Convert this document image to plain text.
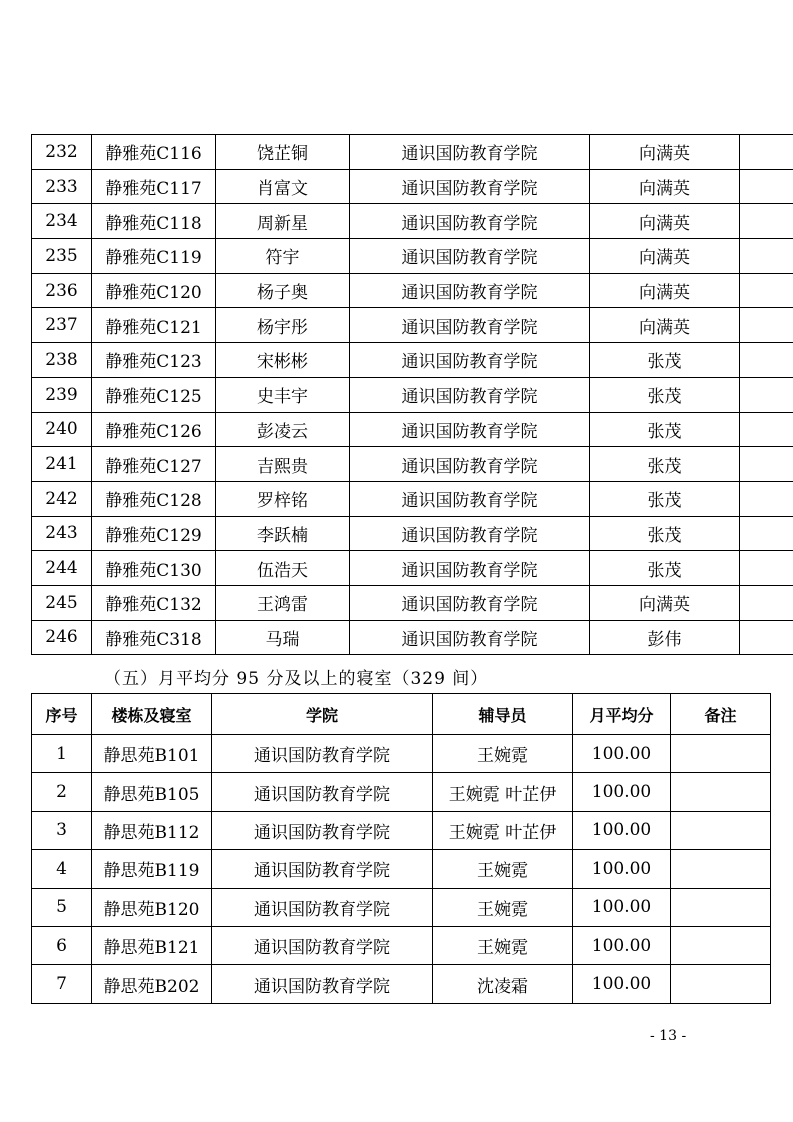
232	静雅苑C116	饶芷铜	通识国防教育学院	向满英	
233	静雅苑C117	肖富文	通识国防教育学院	向满英	
234	静雅苑C118	周新星	通识国防教育学院	向满英	
235	静雅苑C119	符宇	通识国防教育学院	向满英	
236	静雅苑C120	杨子奥	通识国防教育学院	向满英	
237	静雅苑C121	杨宇彤	通识国防教育学院	向满英	
238	静雅苑C123	宋彬彬	通识国防教育学院	张茂	
239	静雅苑C125	史丰宇	通识国防教育学院	张茂	
240	静雅苑C126	彭凌云	通识国防教育学院	张茂	
241	静雅苑C127	吉熙贵	通识国防教育学院	张茂	
242	静雅苑C128	罗梓铭	通识国防教育学院	张茂	
243	静雅苑C129	李跃楠	通识国防教育学院	张茂	
244	静雅苑C130	伍浩天	通识国防教育学院	张茂	
245	静雅苑C132	王鸿雷	通识国防教育学院	向满英	
246	静雅苑C318	马瑞	通识国防教育学院	彭伟	
（五）月平均分 95 分及以上的寝室（329 间）
序号	楼栋及寝室	学院	辅导员	月平均分	备注
1	静思苑B101	通识国防教育学院	王婉霓	100.00	
2	静思苑B105	通识国防教育学院	王婉霓 叶芷伊	100.00	
3	静思苑B112	通识国防教育学院	王婉霓 叶芷伊	100.00	
4	静思苑B119	通识国防教育学院	王婉霓	100.00	
5	静思苑B120	通识国防教育学院	王婉霓	100.00	
6	静思苑B121	通识国防教育学院	王婉霓	100.00	
7	静思苑B202	通识国防教育学院	沈凌霜	100.00	
- 13 -
